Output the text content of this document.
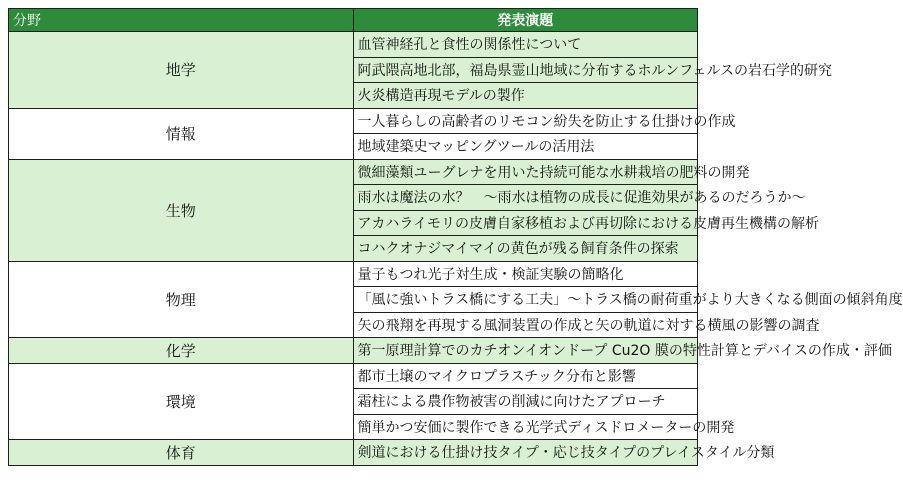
分野	発表演題
地学	血管神経孔と食性の関係性について
	阿武隈高地北部，福島県霊山地域に分布するホルンフェルスの岩石学的研究
	火炎構造再現モデルの製作
情報	一人暮らしの高齢者のリモコン紛失を防止する仕掛けの作成
	地域建築史マッピングツールの活用法
生物	微細藻類ユーグレナを用いた持続可能な水耕栽培の肥料の開発
	雨水は魔法の水？　～雨水は植物の成長に促進効果があるのだろうか～
	アカハライモリの皮膚自家移植および再切除における皮膚再生機構の解析
	コハクオナジマイマイの黄色が残る飼育条件の探索
物理	量子もつれ光子対生成・検証実験の簡略化
	「風に強いトラス橋にする工夫」～トラス橋の耐荷重がより大きくなる側面の傾斜角度
	矢の飛翔を再現する風洞装置の作成と矢の軌道に対する横風の影響の調査
化学	第一原理計算でのカチオンイオンドープ Cu2O 膜の特性計算とデバイスの作成・評価
環境	都市土壌のマイクロプラスチック分布と影響
	霜柱による農作物被害の削減に向けたアプローチ
	簡単かつ安価に製作できる光学式ディスドロメーターの開発
体育	剣道における仕掛け技タイプ・応じ技タイプのプレイスタイル分類
